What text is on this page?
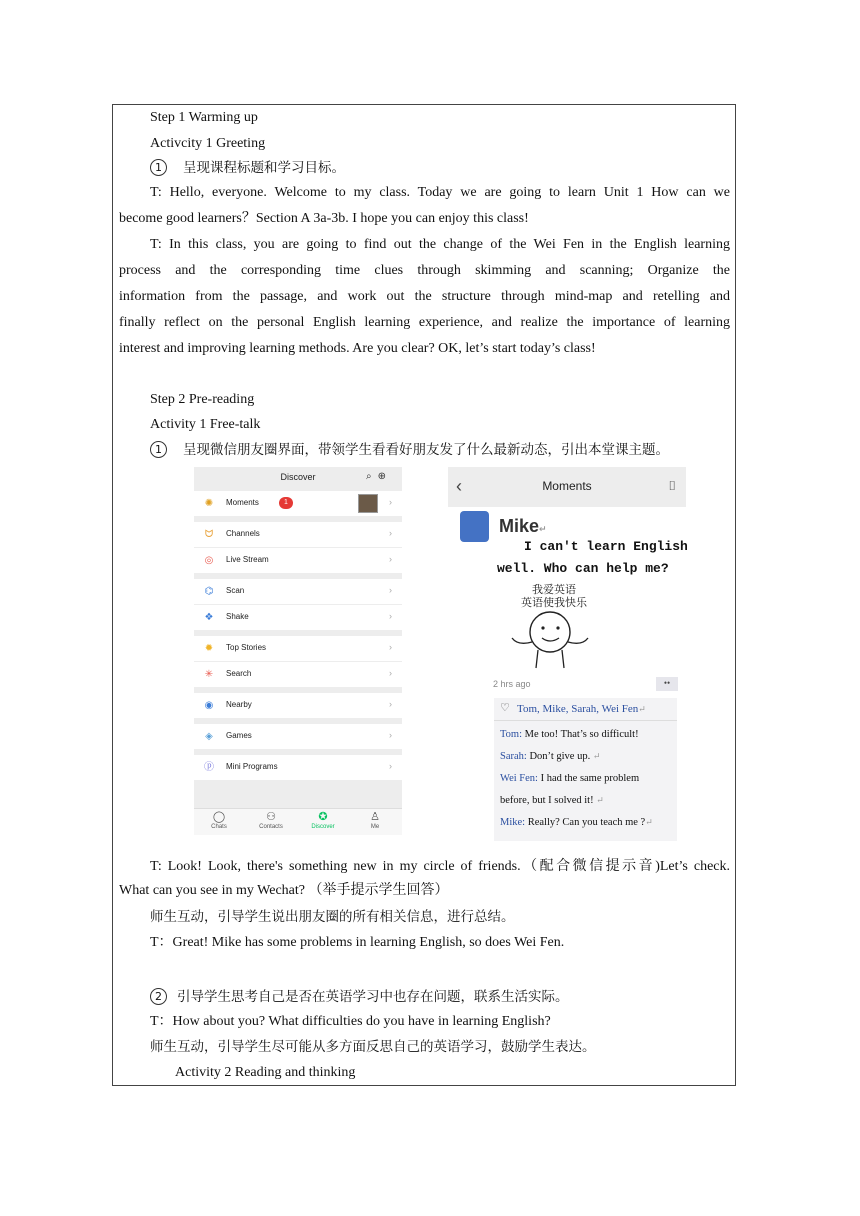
Step 1 Warming up
Activcity 1 Greeting
1 呈现课程标题和学习目标。
T: Hello, everyone. Welcome to my class. Today we are going to learn Unit 1 How can we
become good learners？Section A 3a-3b. I hope you can enjoy this class!
T: In this class, you are going to find out the change of the Wei Fen in the English learning
process and the corresponding time clues through skimming and scanning; Organize the
information from the passage, and work out the structure through mind-map and retelling and
finally reflect on the personal English learning experience, and realize the importance of learning
interest and improving learning methods. Are you clear? OK, let’s start today’s class!
Step 2 Pre-reading
Activity 1 Free-talk
1 呈现微信朋友圈界面，带领学生看看好朋友发了什么最新动态，引出本堂课主题。
Discover	⌕⊕
✺ Moments	1	›
ᗢ Channels	›
◎ Live Stream	›
⌬ Scan	›
❖ Shake	›
✹ Top Stories	›
✳ Search	›
◉ Nearby	›
◈ Games	›
ⓟ Mini Programs	›
◯
Chats
⚇
Contacts
✪
Discover
♙
Me
‹	Moments	⌷
Mike↵
I can't learn English
well. Who can help me?
我爱英语
英语使我快乐
2 hrs ago	••
♡ Tom, Mike, Sarah, Wei Fen↵
Tom: Me too! That’s so difficult!
Sarah: Don’t give up. ↵
Wei Fen: I had the same problem
before, but I solved it! ↵
Mike: Really? Can you teach me ?↵
T: Look! Look, there's something new in my circle of friends.（配合微信提示音)Let’s check.
What can you see in my Wechat? （举手提示学生回答）
师生互动，引导学生说出朋友圈的所有相关信息，进行总结。
T：Great! Mike has some problems in learning English, so does Wei Fen.
2 引导学生思考自己是否在英语学习中也存在问题，联系生活实际。
T：How about you? What difficulties do you have in learning English?
师生互动，引导学生尽可能从多方面反思自己的英语学习，鼓励学生表达。
Activity 2 Reading and thinking
